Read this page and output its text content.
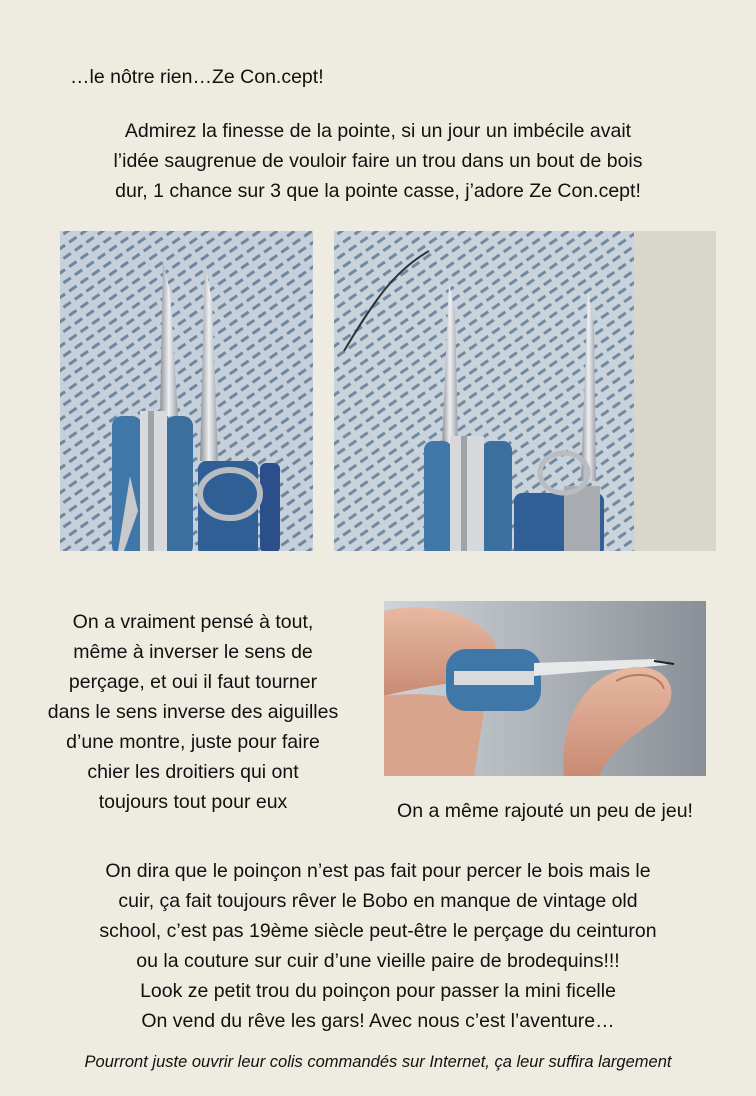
…le nôtre rien…Ze Con.cept!
Admirez la finesse de la pointe, si un jour un imbécile avait
l’idée saugrenue de vouloir faire un trou dans un bout de bois
dur, 1 chance sur 3 que la pointe casse, j’adore Ze Con.cept!
On a vraiment pensé à tout,
même à inverser le sens de
perçage, et oui il faut tourner
dans le sens inverse des aiguilles
d’une montre, juste pour faire
chier les droitiers qui ont
toujours tout pour eux	On a même rajouté un peu de jeu!
On dira que le poinçon n’est pas fait pour percer le bois mais le
cuir, ça fait toujours rêver le Bobo en manque de vintage old
school, c’est pas 19ème siècle peut-être le perçage du ceinturon
ou la couture sur cuir d’une vieille paire de brodequins!!!
Look ze petit trou du poinçon pour passer la mini ficelle
On vend du rêve les gars! Avec nous c’est l’aventure…
Pourront juste ouvrir leur colis commandés sur Internet, ça leur suffira largement
